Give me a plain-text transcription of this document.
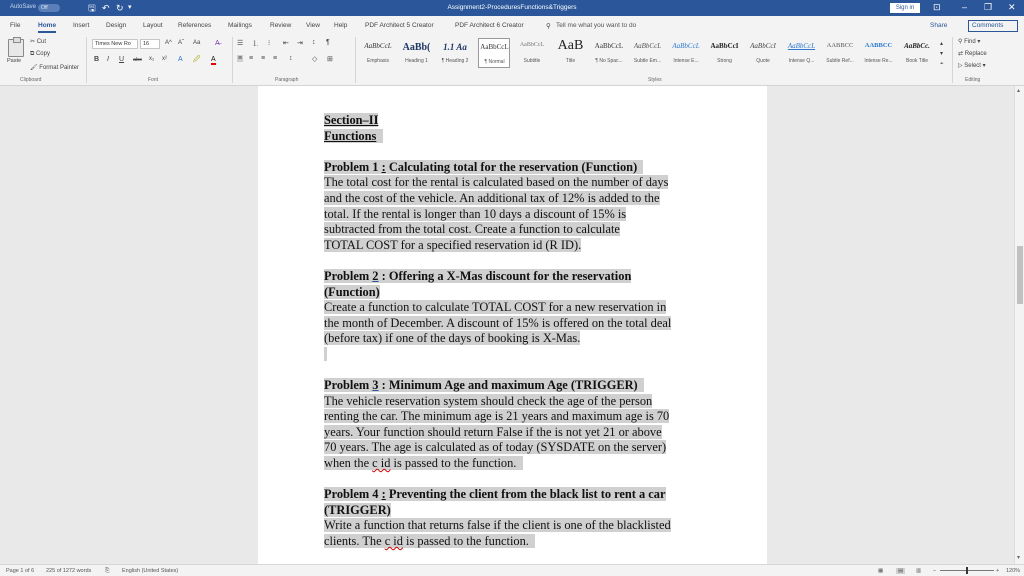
AutoSave Off	🖫 ↶ ↻ ▾	Assignment2-ProceduresFunctions&Triggers	Sign in	⊡ – ❐ ✕
File	Home	Insert	Design	Layout References	Mailings	Review View Help	PDF Architect 5 Creator	PDF Architect 6 Creator	⚲ Tell me what you want to do	Share	Comments
Paste
✂ Cut
⧉ Copy
🖌 Format Painter
Clipboard
Times New Ro	16	A^ Aˇ Aa A̶
B I U abc x₂ x² A 🖉 A
Font
☰ ⒈ ⁝ ⇤ ⇥ ↕ ¶
≡ ≡ ≡ ≡ ↕	◇ ⊞
Paragraph
AaBbCcL
Emphasis
AaBb(
Heading 1
1.1 Aa
¶ Heading 2
AaBbCcL
¶ Normal
AaBbCcL
Subtitle
AaB
Title
AaBbCcL
¶ No Spac...
AaBbCcL
Subtle Em...
AaBbCcL
Intense E...
AaBbCcI
Strong
AaBbCcI
Quote
AaBbCcL
Intense Q...
AABBCC
Subtle Ref...
AABBCC
Intense Re...
AaBbCc.
Book Title
▴
▾
⩡
Styles
⚲ Find ▾
⇄ Replace
▷ Select ▾
Editing
Section–II
Functions

Problem 1 : Calculating total for the reservation (Function)
The total cost for the rental is calculated based on the number of days
and the cost of the vehicle. An additional tax of 12% is added to the
total. If the rental is longer than 10 days a discount of 15% is
subtracted from the total cost. Create a function to calculate
TOTAL COST for a specified reservation id (R ID).

Problem 2 : Offering a X-Mas discount for the reservation
(Function)
Create a function to calculate TOTAL COST for a new reservation in
the month of December. A discount of 15% is offered on the total deal
(before tax) if one of the days of booking is X-Mas.

Problem 3 : Minimum Age and maximum Age (TRIGGER)
The vehicle reservation system should check the age of the person
renting the car. The minimum age is 21 years and maximum age is 70
years. Your function should return False if the is not yet 21 or above
70 years. The age is calculated as of today (SYSDATE on the server)
when the c id is passed to the function.

Problem 4 : Preventing the client from the black list to rent a car
(TRIGGER)
Write a function that returns false if the client is one of the blacklisted
clients. The c id is passed to the function.
▴
▾
Page 1 of 6 225 of 1272 words ⎘ English (United States)	▦	▤	▥ –	+ 120%
